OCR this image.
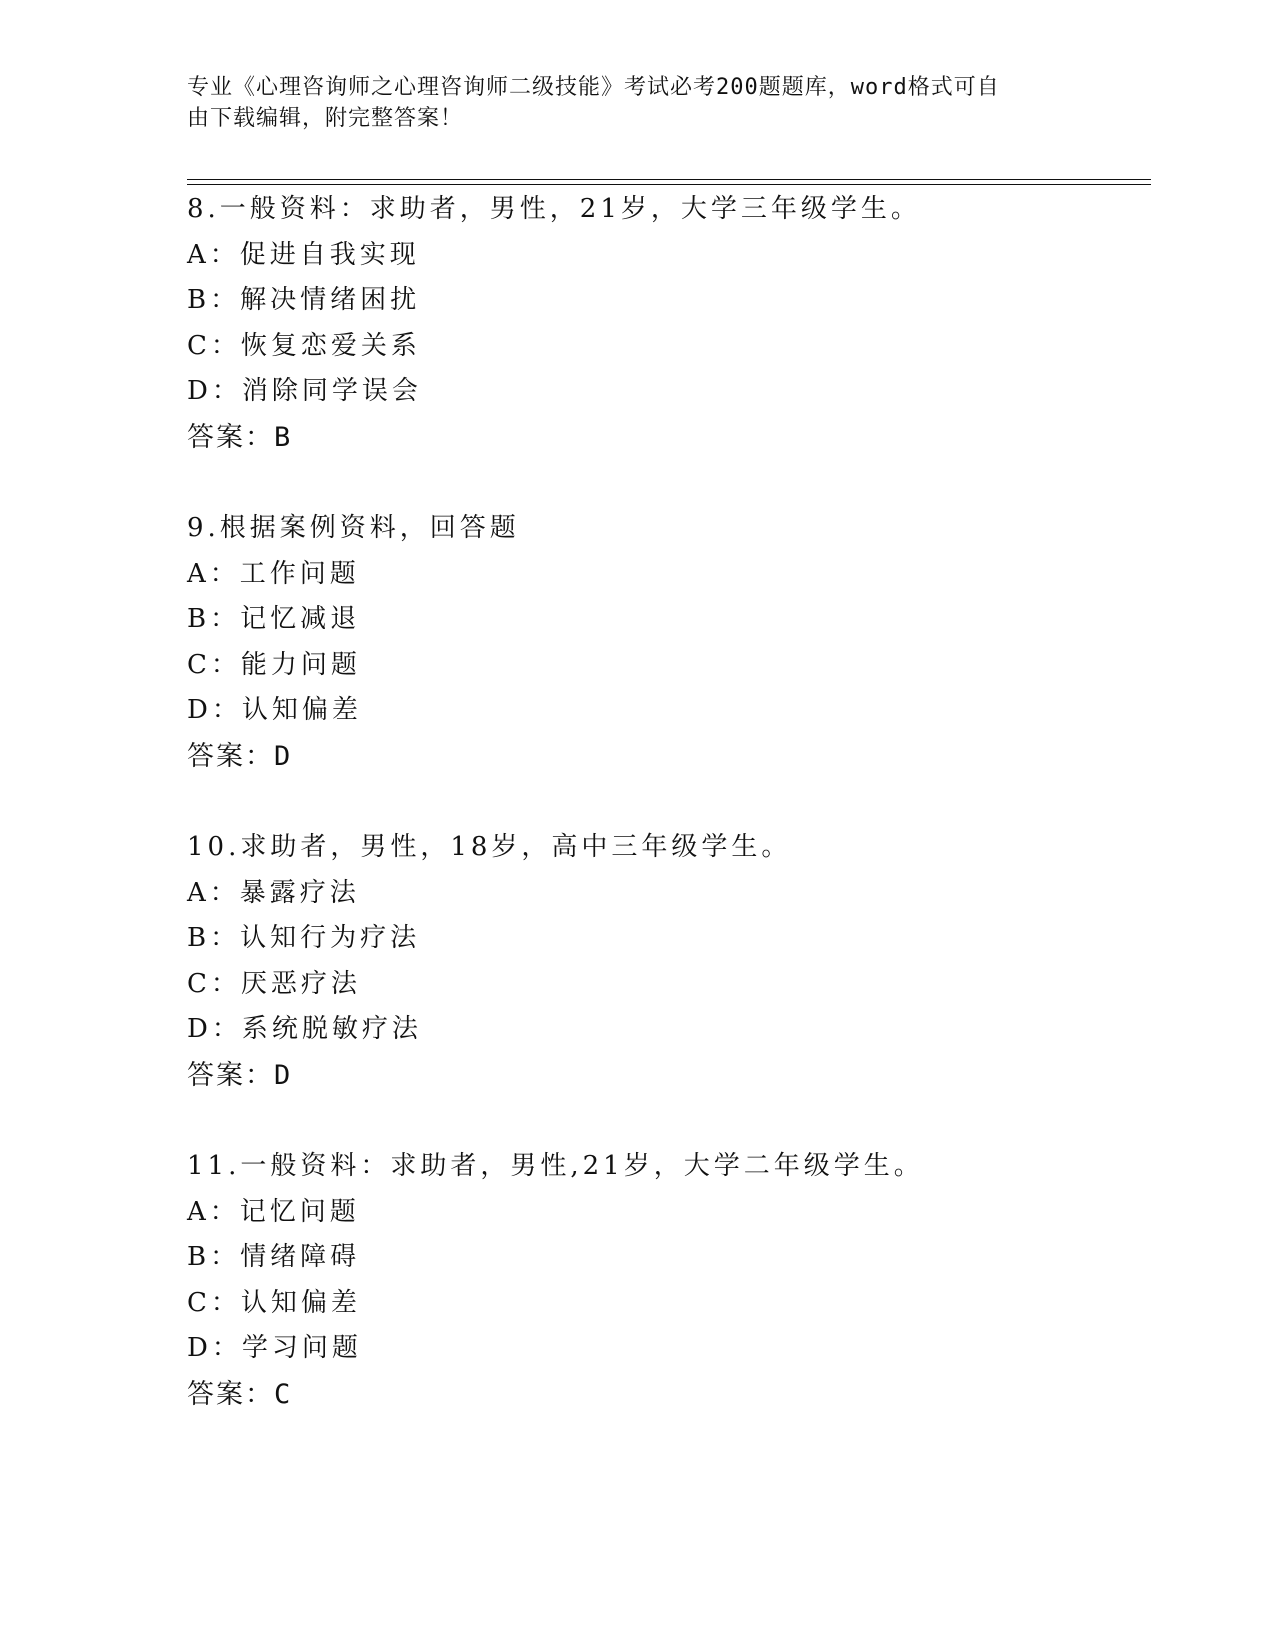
专业《心理咨询师之心理咨询师二级技能》考试必考200题题库，word格式可自
由下载编辑，附完整答案！
8.一般资料：求助者，男性，21岁，大学三年级学生。
A：促进自我实现
B：解决情绪困扰
C：恢复恋爱关系
D：消除同学误会
答案：B
9.根据案例资料，回答题
A：工作问题
B：记忆减退
C：能力问题
D：认知偏差
答案：D
10.求助者，男性，18岁，高中三年级学生。
A：暴露疗法
B：认知行为疗法
C：厌恶疗法
D：系统脱敏疗法
答案：D
11.一般资料：求助者，男性,21岁，大学二年级学生。
A：记忆问题
B：情绪障碍
C：认知偏差
D：学习问题
答案：C
